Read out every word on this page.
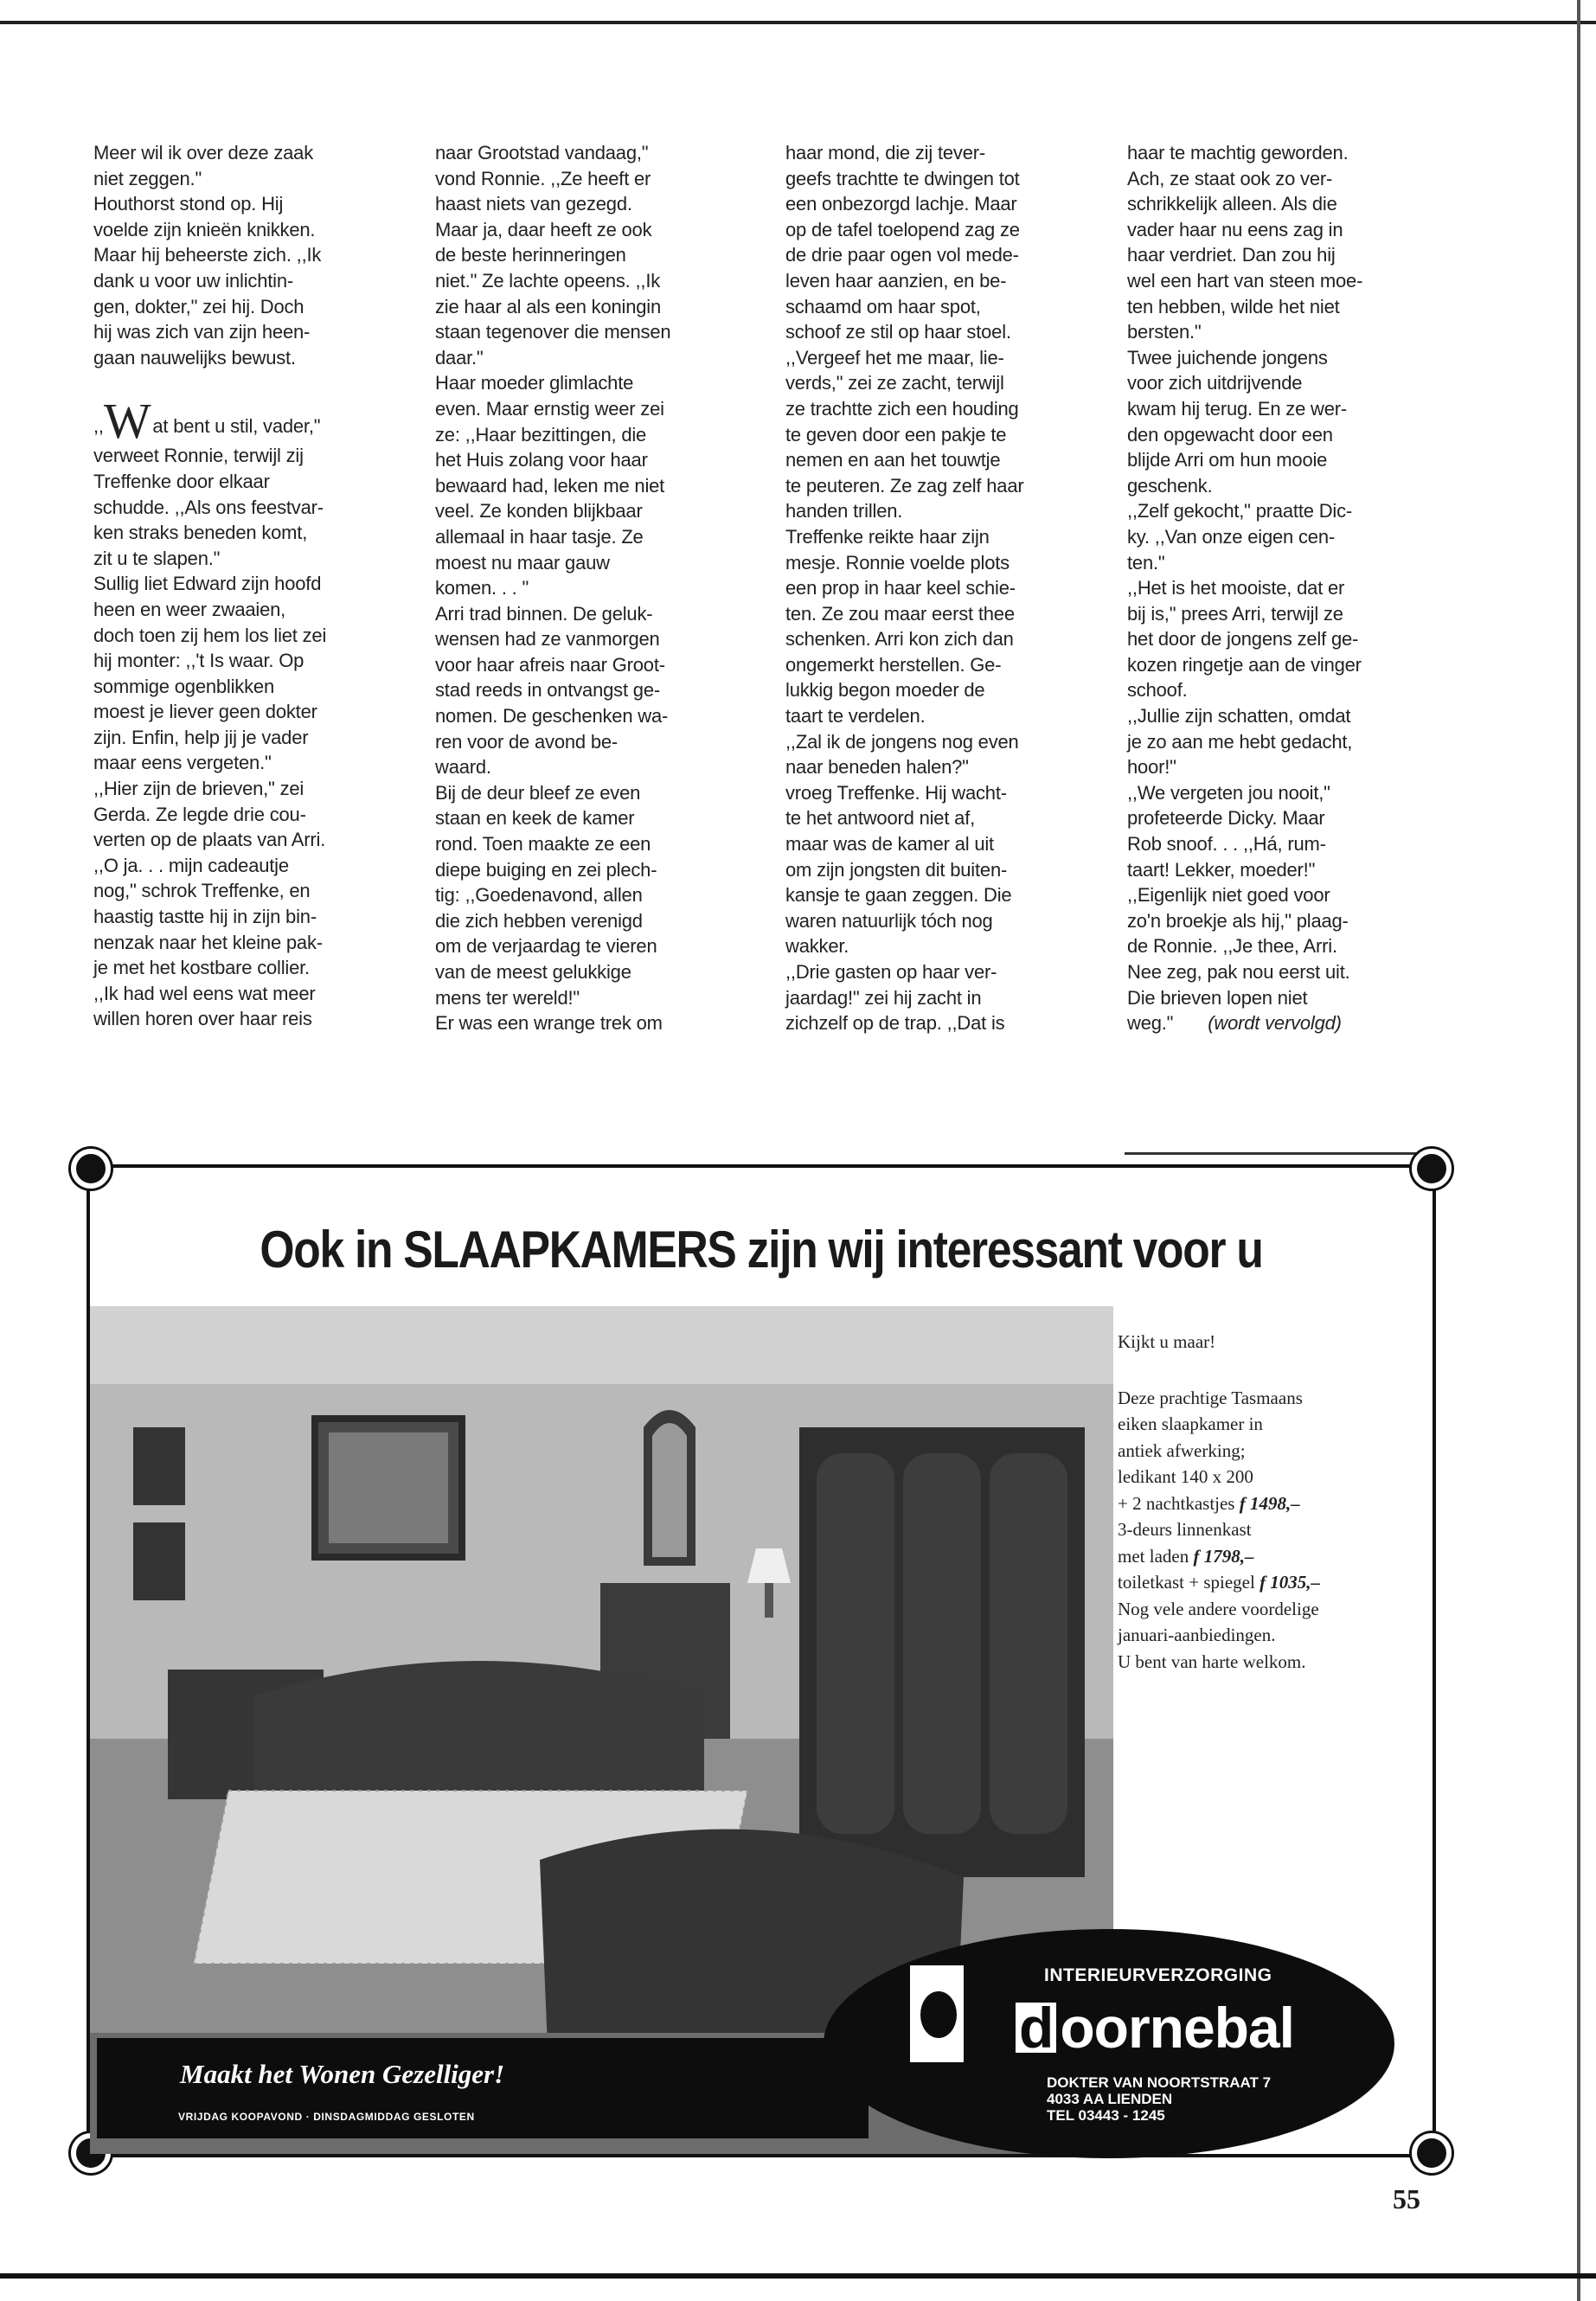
Meer wil ik over deze zaak
niet zeggen."
Houthorst stond op. Hij
voelde zijn knieën knikken.
Maar hij beheerste zich. ,,Ik
dank u voor uw inlichtin-
gen, dokter," zei hij. Doch
hij was zich van zijn heen-
gaan nauwelijks bewust.
,,Wat bent u stil, vader,"
verweet Ronnie, terwijl zij
Treffenke door elkaar
schudde. ,,Als ons feestvar-
ken straks beneden komt,
zit u te slapen."
Sullig liet Edward zijn hoofd
heen en weer zwaaien,
doch toen zij hem los liet zei
hij monter: ,,'t Is waar. Op
sommige ogenblikken
moest je liever geen dokter
zijn. Enfin, help jij je vader
maar eens vergeten."
,,Hier zijn de brieven," zei
Gerda. Ze legde drie cou-
verten op de plaats van Arri.
,,O ja. . . mijn cadeautje
nog," schrok Treffenke, en
haastig tastte hij in zijn bin-
nenzak naar het kleine pak-
je met het kostbare collier.
,,Ik had wel eens wat meer
willen horen over haar reis
naar Grootstad vandaag,"
vond Ronnie. ,,Ze heeft er
haast niets van gezegd.
Maar ja, daar heeft ze ook
de beste herinneringen
niet." Ze lachte opeens. ,,Ik
zie haar al als een koningin
staan tegenover die mensen
daar."
Haar moeder glimlachte
even. Maar ernstig weer zei
ze: ,,Haar bezittingen, die
het Huis zolang voor haar
bewaard had, leken me niet
veel. Ze konden blijkbaar
allemaal in haar tasje. Ze
moest nu maar gauw
komen. . . "
Arri trad binnen. De geluk-
wensen had ze vanmorgen
voor haar afreis naar Groot-
stad reeds in ontvangst ge-
nomen. De geschenken wa-
ren voor de avond be-
waard.
Bij de deur bleef ze even
staan en keek de kamer
rond. Toen maakte ze een
diepe buiging en zei plech-
tig: ,,Goedenavond, allen
die zich hebben verenigd
om de verjaardag te vieren
van de meest gelukkige
mens ter wereld!"
Er was een wrange trek om
haar mond, die zij tever-
geefs trachtte te dwingen tot
een onbezorgd lachje. Maar
op de tafel toelopend zag ze
de drie paar ogen vol mede-
leven haar aanzien, en be-
schaamd om haar spot,
schoof ze stil op haar stoel.
,,Vergeef het me maar, lie-
verds," zei ze zacht, terwijl
ze trachtte zich een houding
te geven door een pakje te
nemen en aan het touwtje
te peuteren. Ze zag zelf haar
handen trillen.
Treffenke reikte haar zijn
mesje. Ronnie voelde plots
een prop in haar keel schie-
ten. Ze zou maar eerst thee
schenken. Arri kon zich dan
ongemerkt herstellen. Ge-
lukkig begon moeder de
taart te verdelen.
,,Zal ik de jongens nog even
naar beneden halen?"
vroeg Treffenke. Hij wacht-
te het antwoord niet af,
maar was de kamer al uit
om zijn jongsten dit buiten-
kansje te gaan zeggen. Die
waren natuurlijk tóch nog
wakker.
,,Drie gasten op haar ver-
jaardag!" zei hij zacht in
zichzelf op de trap. ,,Dat is
haar te machtig geworden.
Ach, ze staat ook zo ver-
schrikkelijk alleen. Als die
vader haar nu eens zag in
haar verdriet. Dan zou hij
wel een hart van steen moe-
ten hebben, wilde het niet
bersten."
Twee juichende jongens
voor zich uitdrijvende
kwam hij terug. En ze wer-
den opgewacht door een
blijde Arri om hun mooie
geschenk.
,,Zelf gekocht," praatte Dic-
ky. ,,Van onze eigen cen-
ten."
,,Het is het mooiste, dat er
bij is," prees Arri, terwijl ze
het door de jongens zelf ge-
kozen ringetje aan de vinger
schoof.
,,Jullie zijn schatten, omdat
je zo aan me hebt gedacht,
hoor!"
,,We vergeten jou nooit,"
profeteerde Dicky. Maar
Rob snoof. . . ,,Há, rum-
taart! Lekker, moeder!"
,,Eigenlijk niet goed voor
zo'n broekje als hij," plaag-
de Ronnie. ,,Je thee, Arri.
Nee zeg, pak nou eerst uit.
Die brieven lopen niet
weg." (wordt vervolgd)
Ook in SLAAPKAMERS zijn wij interessant voor u
Kijkt u maar!
Deze prachtige Tasmaans
eiken slaapkamer in
antiek afwerking;
ledikant 140 x 200
+ 2 nachtkastjes f 1498,–
3-deurs linnenkast
met laden f 1798,–
toiletkast + spiegel f 1035,–
Nog vele andere voordelige
januari-aanbiedingen.
U bent van harte welkom.
Maakt het Wonen Gezelliger!
VRIJDAG KOOPAVOND · DINSDAGMIDDAG GESLOTEN
INTERIEURVERZORGING
d oornebal
DOKTER VAN NOORTSTRAAT 7
4033 AA LIENDEN
TEL 03443 - 1245
55
